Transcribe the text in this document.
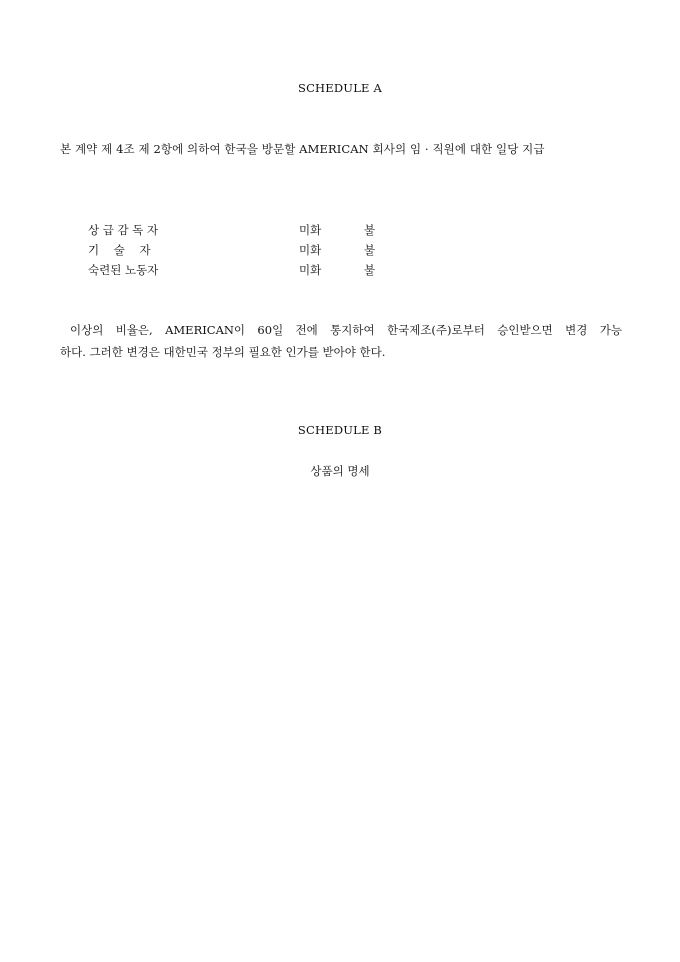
SCHEDULE A
본 계약 제 4조 제 2항에 의하여 한국을 방문할 AMERICAN 회사의 임 · 직원에 대한 일당 지급
상 급 감 독 자	미화	불
기    술    자	미화	불
숙련된 노동자	미화	불
이상의 비율은, AMERICAN이 60일 전에 통지하여 한국제조(주)로부터 승인받으면 변경 가능
하다. 그러한 변경은 대한민국 정부의 필요한 인가를 받아야 한다.
SCHEDULE B
상품의 명세
